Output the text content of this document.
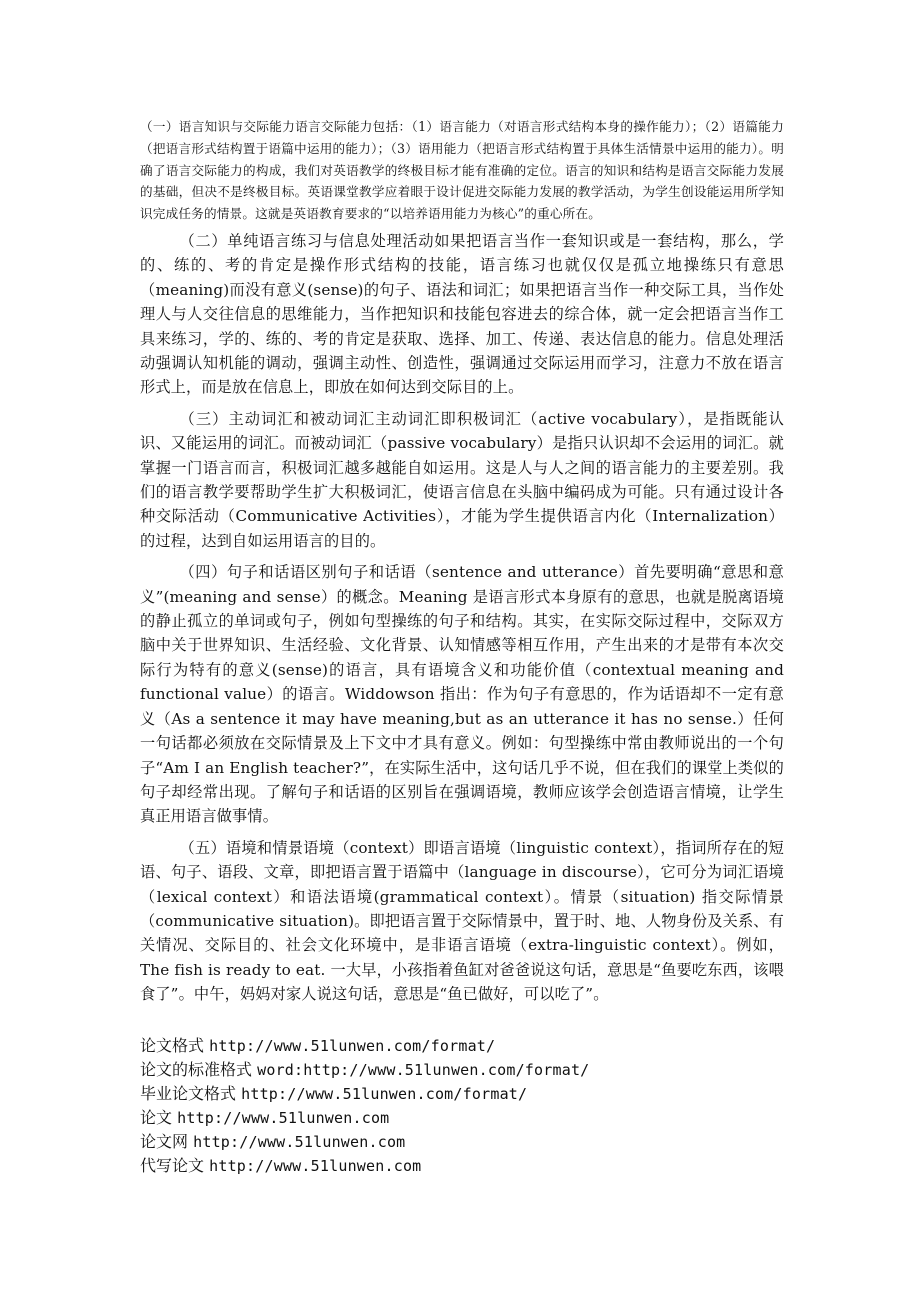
（一）语言知识与交际能力语言交际能力包括：（1）语言能力（对语言形式结构本身的操作能力）；（2）语篇能力（把语言形式结构置于语篇中运用的能力）；（3）语用能力（把语言形式结构置于具体生活情景中运用的能力）。明确了语言交际能力的构成，我们对英语教学的终极目标才能有准确的定位。语言的知识和结构是语言交际能力发展的基础，但决不是终极目标。英语课堂教学应着眼于设计促进交际能力发展的教学活动，为学生创设能运用所学知识完成任务的情景。这就是英语教育要求的“以培养语用能力为核心”的重心所在。

（二）单纯语言练习与信息处理活动如果把语言当作一套知识或是一套结构，那么，学的、练的、考的肯定是操作形式结构的技能，语言练习也就仅仅是孤立地操练只有意思（meaning)而没有意义(sense)的句子、语法和词汇；如果把语言当作一种交际工具，当作处理人与人交往信息的思维能力，当作把知识和技能包容进去的综合体，就一定会把语言当作工具来练习，学的、练的、考的肯定是获取、选择、加工、传递、表达信息的能力。信息处理活动强调认知机能的调动，强调主动性、创造性，强调通过交际运用而学习，注意力不放在语言形式上，而是放在信息上，即放在如何达到交际目的上。

（三）主动词汇和被动词汇主动词汇即积极词汇（active vocabulary），是指既能认识、又能运用的词汇。而被动词汇（passive vocabulary）是指只认识却不会运用的词汇。就掌握一门语言而言，积极词汇越多越能自如运用。这是人与人之间的语言能力的主要差别。我们的语言教学要帮助学生扩大积极词汇，使语言信息在头脑中编码成为可能。只有通过设计各种交际活动（Communicative Activities），才能为学生提供语言内化（Internalization）的过程，达到自如运用语言的目的。

（四）句子和话语区别句子和话语（sentence and utterance）首先要明确“意思和意义”(meaning and sense）的概念。Meaning 是语言形式本身原有的意思，也就是脱离语境的静止孤立的单词或句子，例如句型操练的句子和结构。其实，在实际交际过程中，交际双方脑中关于世界知识、生活经验、文化背景、认知情感等相互作用，产生出来的才是带有本次交际行为特有的意义(sense)的语言，具有语境含义和功能价值（contextual meaning and functional value）的语言。Widdowson 指出：作为句子有意思的，作为话语却不一定有意义（As a sentence it may have meaning,but as an utterance it has no sense.）任何一句话都必须放在交际情景及上下文中才具有意义。例如：句型操练中常由教师说出的一个句子“Am I an English teacher?”，在实际生活中，这句话几乎不说，但在我们的课堂上类似的句子却经常出现。了解句子和话语的区别旨在强调语境，教师应该学会创造语言情境，让学生真正用语言做事情。

（五）语境和情景语境（context）即语言语境（linguistic context），指词所存在的短语、句子、语段、文章，即把语言置于语篇中（language in discourse），它可分为词汇语境（lexical context）和语法语境(grammatical context）。情景（situation) 指交际情景（communicative situation)。即把语言置于交际情景中，置于时、地、人物身份及关系、有关情况、交际目的、社会文化环境中，是非语言语境（extra-linguistic context）。例如，The fish is ready to eat. 一大早，小孩指着鱼缸对爸爸说这句话，意思是“鱼要吃东西，该喂食了”。中午，妈妈对家人说这句话，意思是“鱼已做好，可以吃了”。

论文格式 http://www.51lunwen.com/format/

论文的标准格式 word:http://www.51lunwen.com/format/

毕业论文格式 http://www.51lunwen.com/format/

论文 http://www.51lunwen.com

论文网 http://www.51lunwen.com

代写论文 http://www.51lunwen.com
